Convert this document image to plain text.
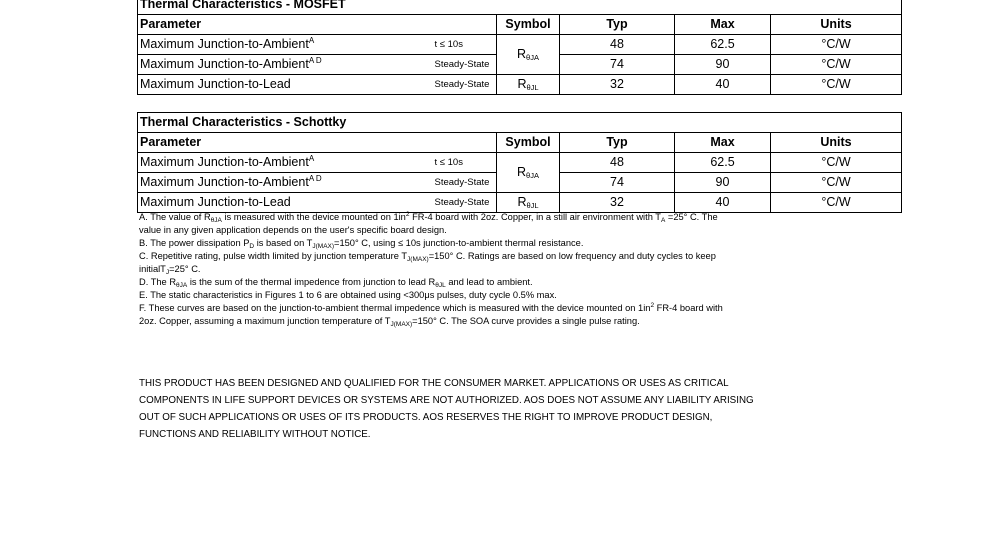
Thermal Characteristics - MOSFET					
Parameter		Symbol	Typ	Max	Units
Maximum Junction-to-Ambient$^A$	t ≤ 10s	$R_{\theta JA}$	48	62.5	°C/W
Maximum Junction-to-Ambient$^{A D}$	Steady-State		74	90	°C/W
Maximum Junction-to-Lead	Steady-State	$R_{\theta JL}$	32	40	°C/W
Thermal Characteristics - Schottky					
Parameter		Symbol	Typ	Max	Units
Maximum Junction-to-Ambient$^A$	t ≤ 10s	$R_{\theta JA}$	48	62.5	°C/W
Maximum Junction-to-Ambient$^{A D}$	Steady-State		74	90	°C/W
Maximum Junction-to-Lead	Steady-State	$R_{\theta JL}$	32	40	°C/W
A. The value of $R_{\theta JA}$ is measured with the device mounted on $1in^2$ FR-4 board with 2oz. Copper, in a still air environment with $T_A =25^\circ$ C. The
value in any given application depends on the user's specific board design.
B. The power dissipation $P_D$ is based on $T_{J(MAX)}=150^\circ$ C, using ≤ 10s junction-to-ambient thermal resistance.
C. Repetitive rating, pulse width limited by junction temperature $T_{J(MAX)}=150^\circ$ C. Ratings are based on low frequency and duty cycles to keep
initialT$_J$=25° C.
D. The $R_{\theta JA}$ is the sum of the thermal impedence from junction to lead $R_{\theta JL}$ and lead to ambient.
E. The static characteristics in Figures 1 to 6 are obtained using <300μs pulses, duty cycle 0.5% max.
F. These curves are based on the junction-to-ambient thermal impedence which is measured with the device mounted on $1in^2$ FR-4 board with
2oz. Copper, assuming a maximum junction temperature of $T_{J(MAX)}=150^\circ$ C. The SOA curve provides a single pulse rating.
THIS PRODUCT HAS BEEN DESIGNED AND QUALIFIED FOR THE CONSUMER MARKET. APPLICATIONS OR USES AS CRITICAL
COMPONENTS IN LIFE SUPPORT DEVICES OR SYSTEMS ARE NOT AUTHORIZED. AOS DOES NOT ASSUME ANY LIABILITY ARISING
OUT OF SUCH APPLICATIONS OR USES OF ITS PRODUCTS. AOS RESERVES THE RIGHT TO IMPROVE PRODUCT DESIGN,
FUNCTIONS AND RELIABILITY WITHOUT NOTICE.
